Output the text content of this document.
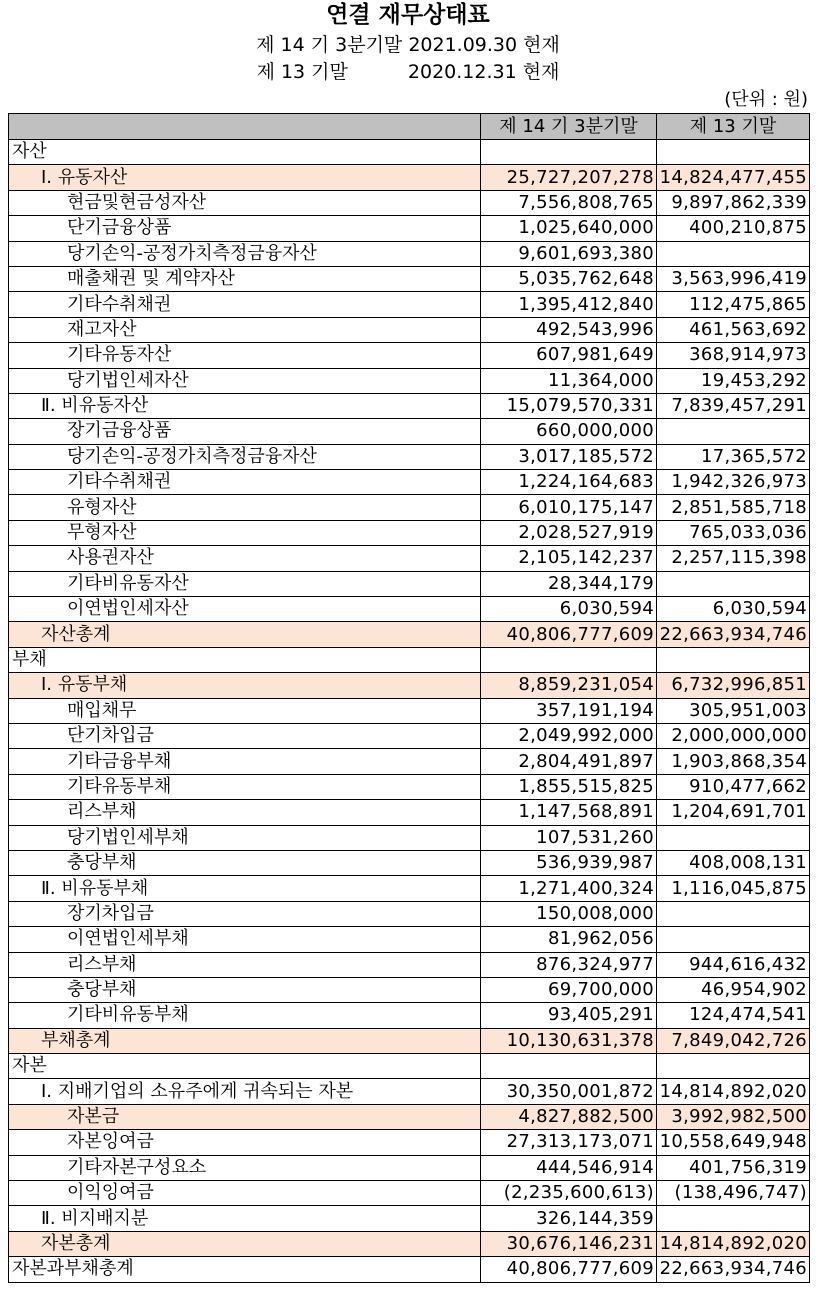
연결 재무상태표
제 14 기 3분기말 2021.09.30 현재
제 13 기말	2020.12.31 현재
(단위 : 원)
	제 14 기 3분기말	제 13 기말
자산		
Ⅰ. 유동자산	25,727,207,278	14,824,477,455
현금및현금성자산	7,556,808,765	9,897,862,339
단기금융상품	1,025,640,000	400,210,875
당기손익-공정가치측정금융자산	9,601,693,380	
매출채권 및 계약자산	5,035,762,648	3,563,996,419
기타수취채권	1,395,412,840	112,475,865
재고자산	492,543,996	461,563,692
기타유동자산	607,981,649	368,914,973
당기법인세자산	11,364,000	19,453,292
Ⅱ. 비유동자산	15,079,570,331	7,839,457,291
장기금융상품	660,000,000	
당기손익-공정가치측정금융자산	3,017,185,572	17,365,572
기타수취채권	1,224,164,683	1,942,326,973
유형자산	6,010,175,147	2,851,585,718
무형자산	2,028,527,919	765,033,036
사용권자산	2,105,142,237	2,257,115,398
기타비유동자산	28,344,179	
이연법인세자산	6,030,594	6,030,594
자산총계	40,806,777,609	22,663,934,746
부채		
Ⅰ. 유동부채	8,859,231,054	6,732,996,851
매입채무	357,191,194	305,951,003
단기차입금	2,049,992,000	2,000,000,000
기타금융부채	2,804,491,897	1,903,868,354
기타유동부채	1,855,515,825	910,477,662
리스부채	1,147,568,891	1,204,691,701
당기법인세부채	107,531,260	
충당부채	536,939,987	408,008,131
Ⅱ. 비유동부채	1,271,400,324	1,116,045,875
장기차입금	150,008,000	
이연법인세부채	81,962,056	
리스부채	876,324,977	944,616,432
충당부채	69,700,000	46,954,902
기타비유동부채	93,405,291	124,474,541
부채총계	10,130,631,378	7,849,042,726
자본		
Ⅰ. 지배기업의 소유주에게 귀속되는 자본	30,350,001,872	14,814,892,020
자본금	4,827,882,500	3,992,982,500
자본잉여금	27,313,173,071	10,558,649,948
기타자본구성요소	444,546,914	401,756,319
이익잉여금	(2,235,600,613)	(138,496,747)
Ⅱ. 비지배지분	326,144,359	
자본총계	30,676,146,231	14,814,892,020
자본과부채총계	40,806,777,609	22,663,934,746
